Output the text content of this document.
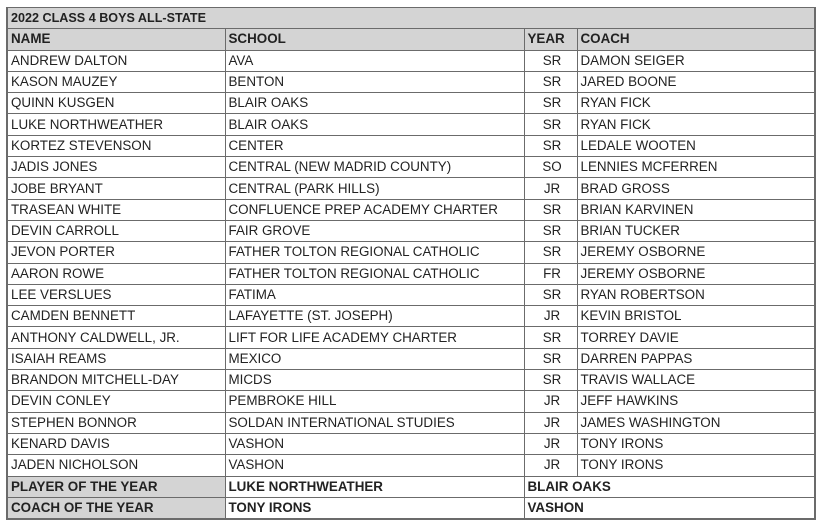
2022 CLASS 4 BOYS ALL-STATE			
NAME	SCHOOL	YEAR	COACH
ANDREW DALTON	AVA	SR	DAMON SEIGER
KASON MAUZEY	BENTON	SR	JARED BOONE
QUINN KUSGEN	BLAIR OAKS	SR	RYAN FICK
LUKE NORTHWEATHER	BLAIR OAKS	SR	RYAN FICK
KORTEZ STEVENSON	CENTER	SR	LEDALE WOOTEN
JADIS JONES	CENTRAL (NEW MADRID COUNTY)	SO	LENNIES MCFERREN
JOBE BRYANT	CENTRAL (PARK HILLS)	JR	BRAD GROSS
TRASEAN WHITE	CONFLUENCE PREP ACADEMY CHARTER	SR	BRIAN KARVINEN
DEVIN CARROLL	FAIR GROVE	SR	BRIAN TUCKER
JEVON PORTER	FATHER TOLTON REGIONAL CATHOLIC	SR	JEREMY OSBORNE
AARON ROWE	FATHER TOLTON REGIONAL CATHOLIC	FR	JEREMY OSBORNE
LEE VERSLUES	FATIMA	SR	RYAN ROBERTSON
CAMDEN BENNETT	LAFAYETTE (ST. JOSEPH)	JR	KEVIN BRISTOL
ANTHONY CALDWELL, JR.	LIFT FOR LIFE ACADEMY CHARTER	SR	TORREY DAVIE
ISAIAH REAMS	MEXICO	SR	DARREN PAPPAS
BRANDON MITCHELL-DAY	MICDS	SR	TRAVIS WALLACE
DEVIN CONLEY	PEMBROKE HILL	JR	JEFF HAWKINS
STEPHEN BONNOR	SOLDAN INTERNATIONAL STUDIES	JR	JAMES WASHINGTON
KENARD DAVIS	VASHON	JR	TONY IRONS
JADEN NICHOLSON	VASHON	JR	TONY IRONS
PLAYER OF THE YEAR	LUKE NORTHWEATHER	BLAIR OAKS	
COACH OF THE YEAR	TONY IRONS	VASHON	
